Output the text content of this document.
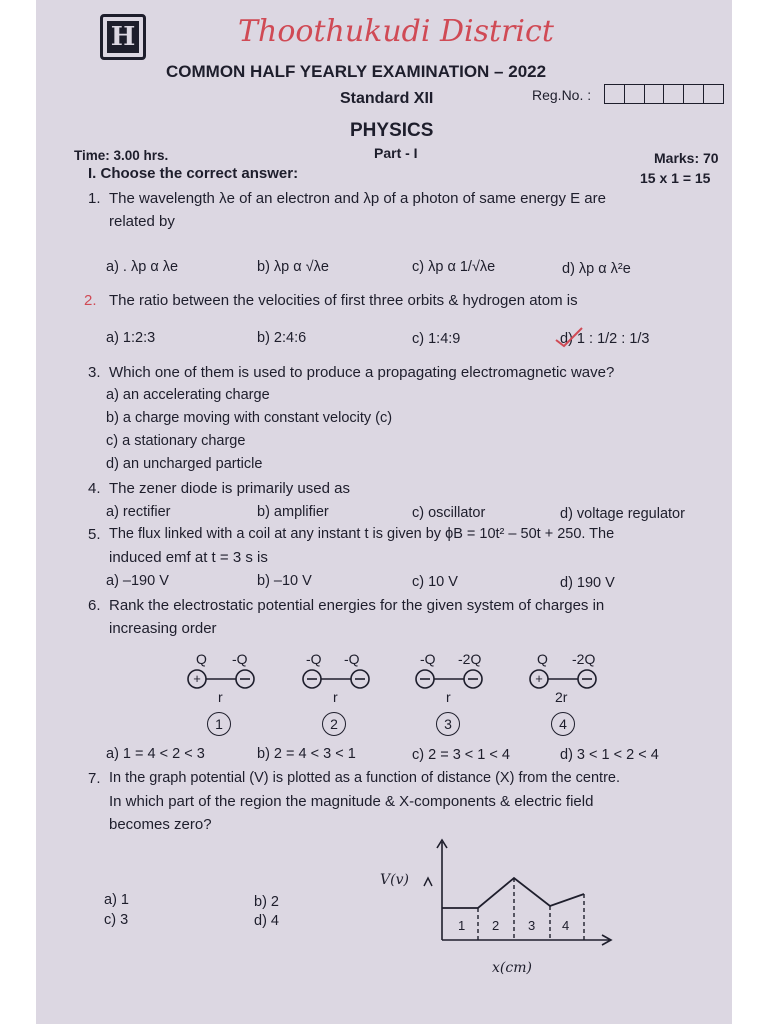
H	Thoothukudi District
COMMON HALF YEARLY EXAMINATION – 2022
Standard XII	Reg.No. :
PHYSICS
Time: 3.00 hrs.	Part - I	Marks: 70
I. Choose the correct answer:	15 x 1 = 15
1. The wavelength λe of an electron and λp of a photon of same energy E are
related by
a) . λp α λe	b) λp α √λe	c) λp α 1/√λe	d) λp α λ²e
2. The ratio between the velocities of first three orbits & hydrogen atom is
a) 1:2:3	b) 2:4:6	c) 1:4:9	d) 1 : 1/2 : 1/3
3. Which one of them is used to produce a propagating electromagnetic wave?
a) an accelerating charge
b) a charge moving with constant velocity (c)
c) a stationary charge
d) an uncharged particle
4. The zener diode is primarily used as
a) rectifier	b) amplifier	c) oscillator	d) voltage regulator
5. The flux linked with a coil at any instant t is given by ϕB = 10t² – 50t + 250. The
induced emf at t = 3 s is
a) –190 V	b) –10 V	c) 10 V	d) 190 V
6. Rank the electrostatic potential energies for the given system of charges in
increasing order
Q -Q
+
r
1
-Q -Q
r
2
-Q -2Q
r
3
Q -2Q
+
2r
4
a) 1 = 4 < 2 < 3	b) 2 = 4 < 3 < 1	c) 2 = 3 < 1 < 4	d) 3 < 1 < 2 < 4
7. In the graph potential (V) is plotted as a function of distance (X) from the centre.
In which part of the region the magnitude & X-components & electric field
becomes zero?
a) 1
c) 3
b) 2
d) 4
V(v)
x(cm)
1 2 3 4
